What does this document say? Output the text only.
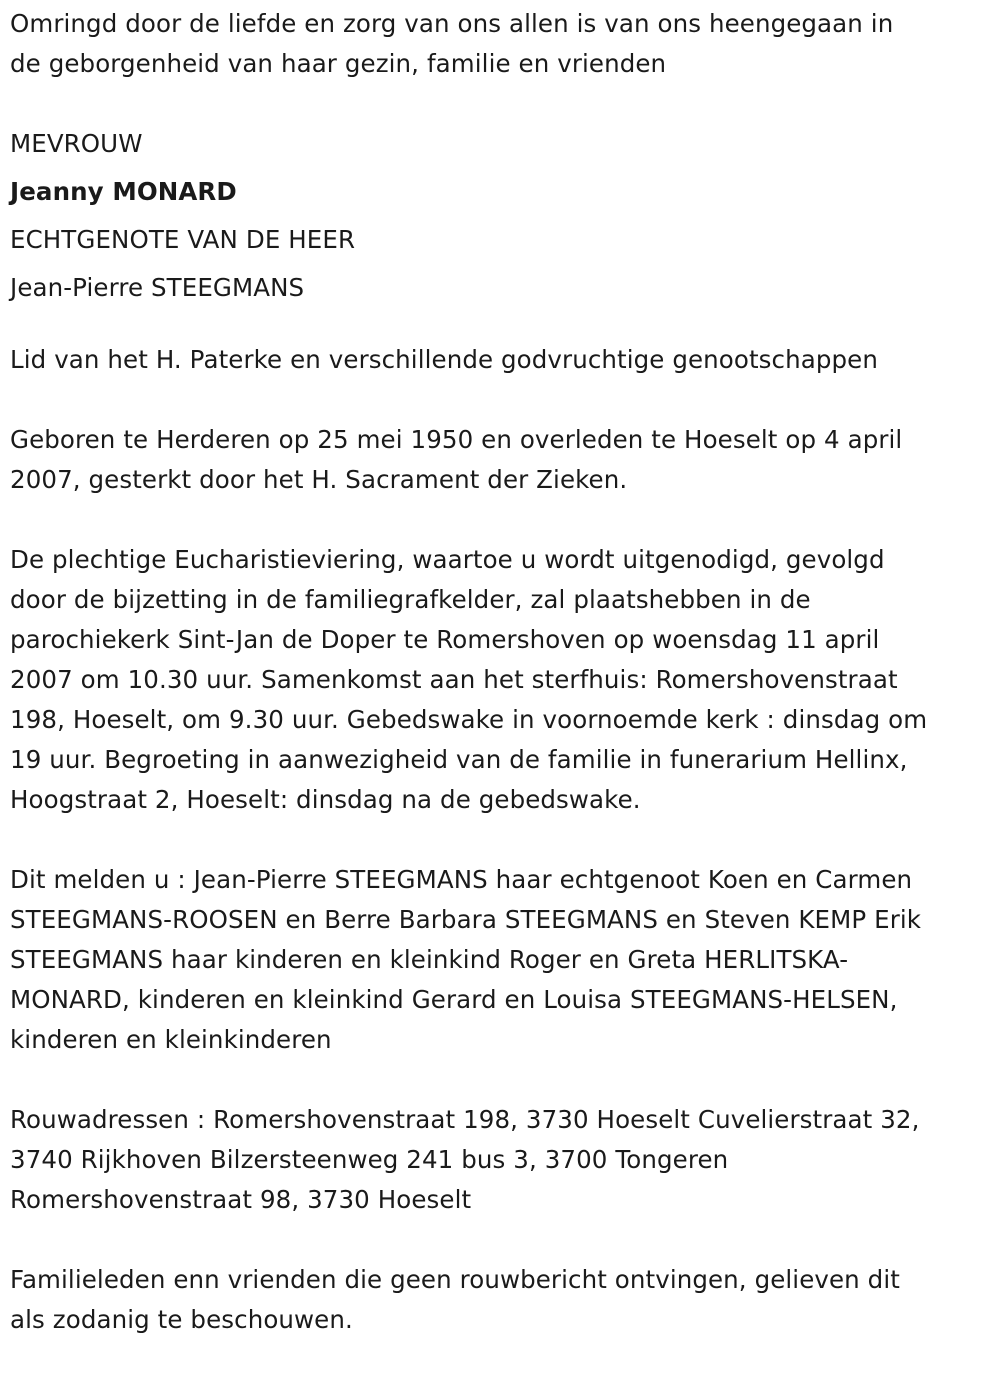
Omringd door de liefde en zorg van ons allen is van ons heengegaan in
de geborgenheid van haar gezin, familie en vrienden
MEVROUW
Jeanny MONARD
ECHTGENOTE VAN DE HEER
Jean-Pierre STEEGMANS
Lid van het H. Paterke en verschillende godvruchtige genootschappen
Geboren te Herderen op 25 mei 1950 en overleden te Hoeselt op 4 april
2007, gesterkt door het H. Sacrament der Zieken.
De plechtige Eucharistieviering, waartoe u wordt uitgenodigd, gevolgd
door de bijzetting in de familiegrafkelder, zal plaatshebben in de
parochiekerk Sint-Jan de Doper te Romershoven op woensdag 11 april
2007 om 10.30 uur. Samenkomst aan het sterfhuis: Romershovenstraat
198, Hoeselt, om 9.30 uur. Gebedswake in voornoemde kerk : dinsdag om
19 uur. Begroeting in aanwezigheid van de familie in funerarium Hellinx,
Hoogstraat 2, Hoeselt: dinsdag na de gebedswake.
Dit melden u : Jean-Pierre STEEGMANS haar echtgenoot Koen en Carmen
STEEGMANS-ROOSEN en Berre Barbara STEEGMANS en Steven KEMP Erik
STEEGMANS haar kinderen en kleinkind Roger en Greta HERLITSKA-
MONARD, kinderen en kleinkind Gerard en Louisa STEEGMANS-HELSEN,
kinderen en kleinkinderen
Rouwadressen : Romershovenstraat 198, 3730 Hoeselt Cuvelierstraat 32,
3740 Rijkhoven Bilzersteenweg 241 bus 3, 3700 Tongeren
Romershovenstraat 98, 3730 Hoeselt
Familieleden enn vrienden die geen rouwbericht ontvingen, gelieven dit
als zodanig te beschouwen.
